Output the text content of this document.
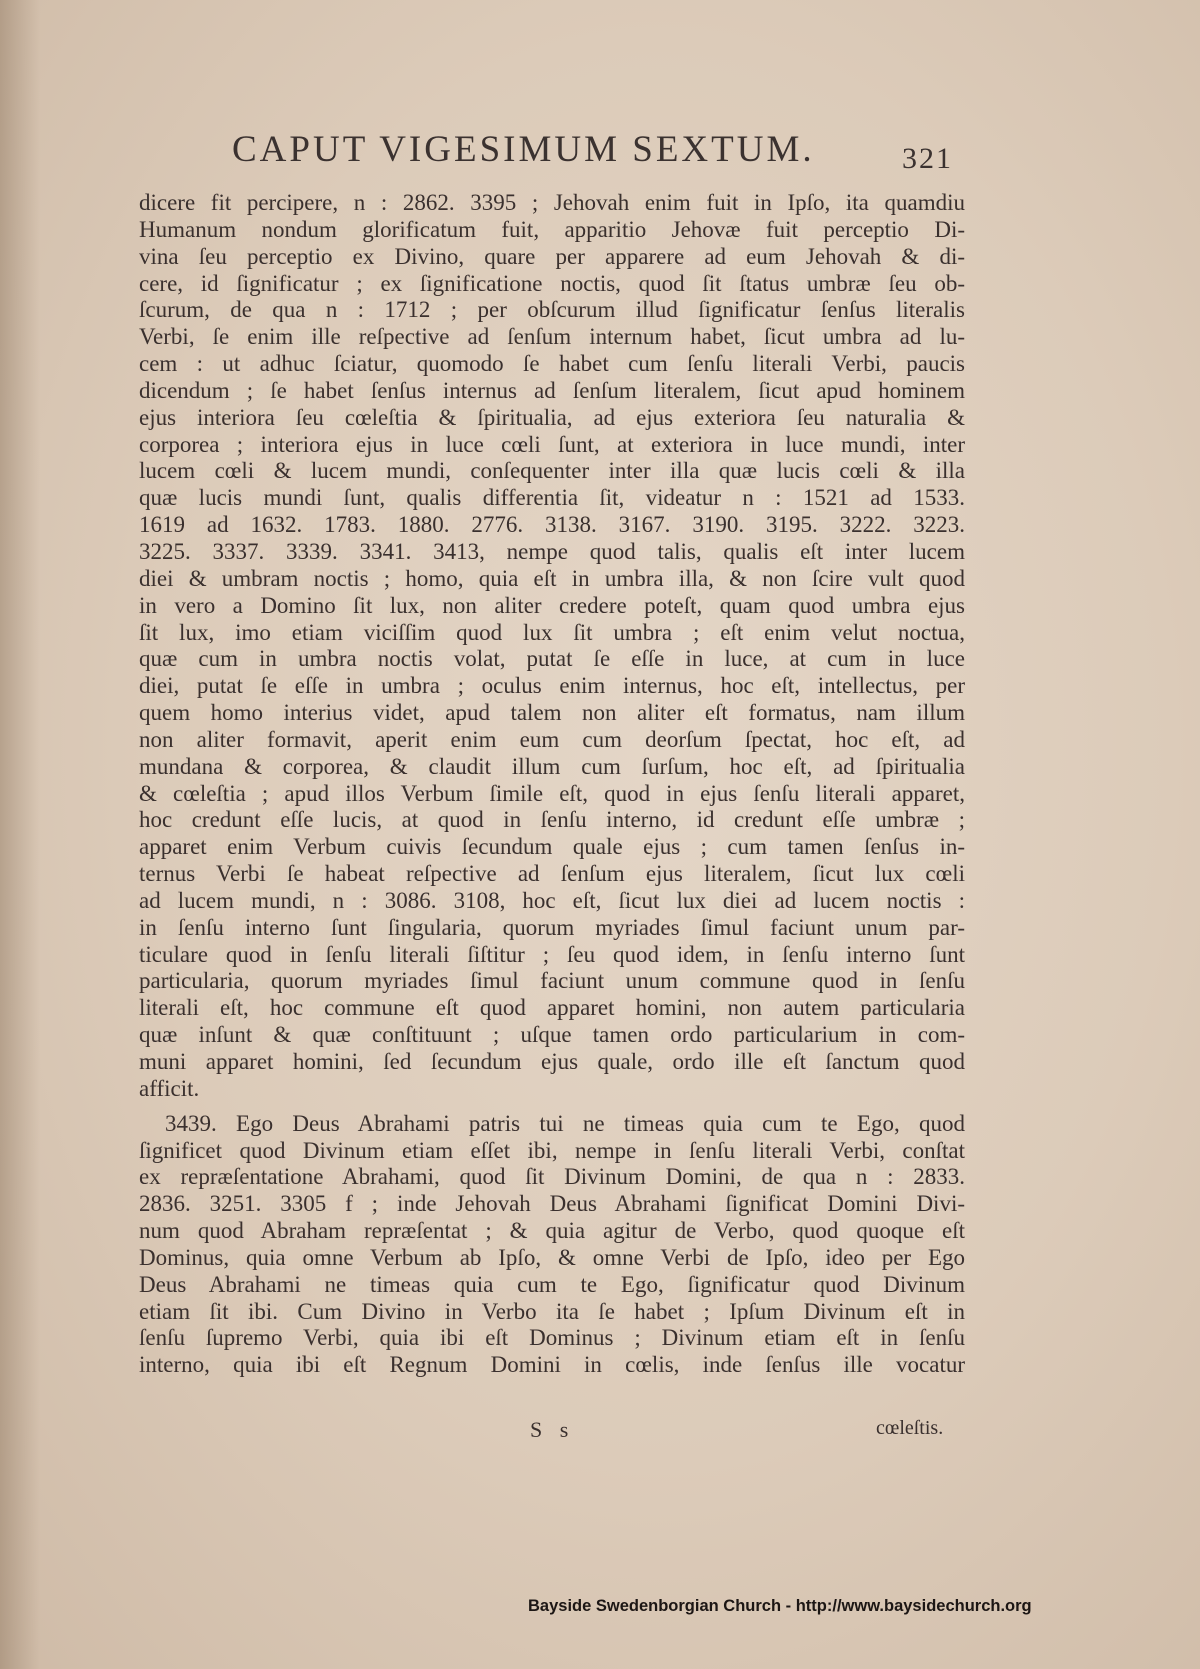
CAPUT VIGESIMUM SEXTUM.	321
dicere fit percipere, n : 2862. 3395 ; Jehovah enim fuit in Ipſo, ita quamdiu
Humanum nondum glorificatum fuit, apparitio Jehovæ fuit perceptio Di-
vina ſeu perceptio ex Divino, quare per apparere ad eum Jehovah & di-
cere, id ſignificatur ; ex ſignificatione noctis, quod ſit ſtatus umbræ ſeu ob-
ſcurum, de qua n : 1712 ; per obſcurum illud ſignificatur ſenſus literalis
Verbi, ſe enim ille reſpective ad ſenſum internum habet, ſicut umbra ad lu-
cem : ut adhuc ſciatur, quomodo ſe habet cum ſenſu literali Verbi, paucis
dicendum ; ſe habet ſenſus internus ad ſenſum literalem, ſicut apud hominem
ejus interiora ſeu cœleſtia & ſpiritualia, ad ejus exteriora ſeu naturalia &
corporea ; interiora ejus in luce cœli ſunt, at exteriora in luce mundi, inter
lucem cœli & lucem mundi, conſequenter inter illa quæ lucis cœli & illa
quæ lucis mundi ſunt, qualis differentia ſit, videatur n : 1521 ad 1533.
1619 ad 1632. 1783. 1880. 2776. 3138. 3167. 3190. 3195. 3222. 3223.
3225. 3337. 3339. 3341. 3413, nempe quod talis, qualis eſt inter lucem
diei & umbram noctis ; homo, quia eſt in umbra illa, & non ſcire vult quod
in vero a Domino ſit lux, non aliter credere poteſt, quam quod umbra ejus
ſit lux, imo etiam viciſſim quod lux ſit umbra ; eſt enim velut noctua,
quæ cum in umbra noctis volat, putat ſe eſſe in luce, at cum in luce
diei, putat ſe eſſe in umbra ; oculus enim internus, hoc eſt, intellectus, per
quem homo interius videt, apud talem non aliter eſt formatus, nam illum
non aliter formavit, aperit enim eum cum deorſum ſpectat, hoc eſt, ad
mundana & corporea, & claudit illum cum ſurſum, hoc eſt, ad ſpiritualia
& cœleſtia ; apud illos Verbum ſimile eſt, quod in ejus ſenſu literali apparet,
hoc credunt eſſe lucis, at quod in ſenſu interno, id credunt eſſe umbræ ;
apparet enim Verbum cuivis ſecundum quale ejus ; cum tamen ſenſus in-
ternus Verbi ſe habeat reſpective ad ſenſum ejus literalem, ſicut lux cœli
ad lucem mundi, n : 3086. 3108, hoc eſt, ſicut lux diei ad lucem noctis :
in ſenſu interno ſunt ſingularia, quorum myriades ſimul faciunt unum par-
ticulare quod in ſenſu literali ſiſtitur ; ſeu quod idem, in ſenſu interno ſunt
particularia, quorum myriades ſimul faciunt unum commune quod in ſenſu
literali eſt, hoc commune eſt quod apparet homini, non autem particularia
quæ inſunt & quæ conſtituunt ; uſque tamen ordo particularium in com-
muni apparet homini, ſed ſecundum ejus quale, ordo ille eſt ſanctum quod
afficit.
3439. Ego Deus Abrahami patris tui ne timeas quia cum te Ego, quod
ſignificet quod Divinum etiam eſſet ibi, nempe in ſenſu literali Verbi, conſtat
ex repræſentatione Abrahami, quod ſit Divinum Domini, de qua n : 2833.
2836. 3251. 3305 f ; inde Jehovah Deus Abrahami ſignificat Domini Divi-
num quod Abraham repræſentat ; & quia agitur de Verbo, quod quoque eſt
Dominus, quia omne Verbum ab Ipſo, & omne Verbi de Ipſo, ideo per Ego
Deus Abrahami ne timeas quia cum te Ego, ſignificatur quod Divinum
etiam ſit ibi. Cum Divino in Verbo ita ſe habet ; Ipſum Divinum eſt in
ſenſu ſupremo Verbi, quia ibi eſt Dominus ; Divinum etiam eſt in ſenſu
interno, quia ibi eſt Regnum Domini in cœlis, inde ſenſus ille vocatur
S s	cœleſtis.
Bayside Swedenborgian Church - http://www.baysidechurch.org
